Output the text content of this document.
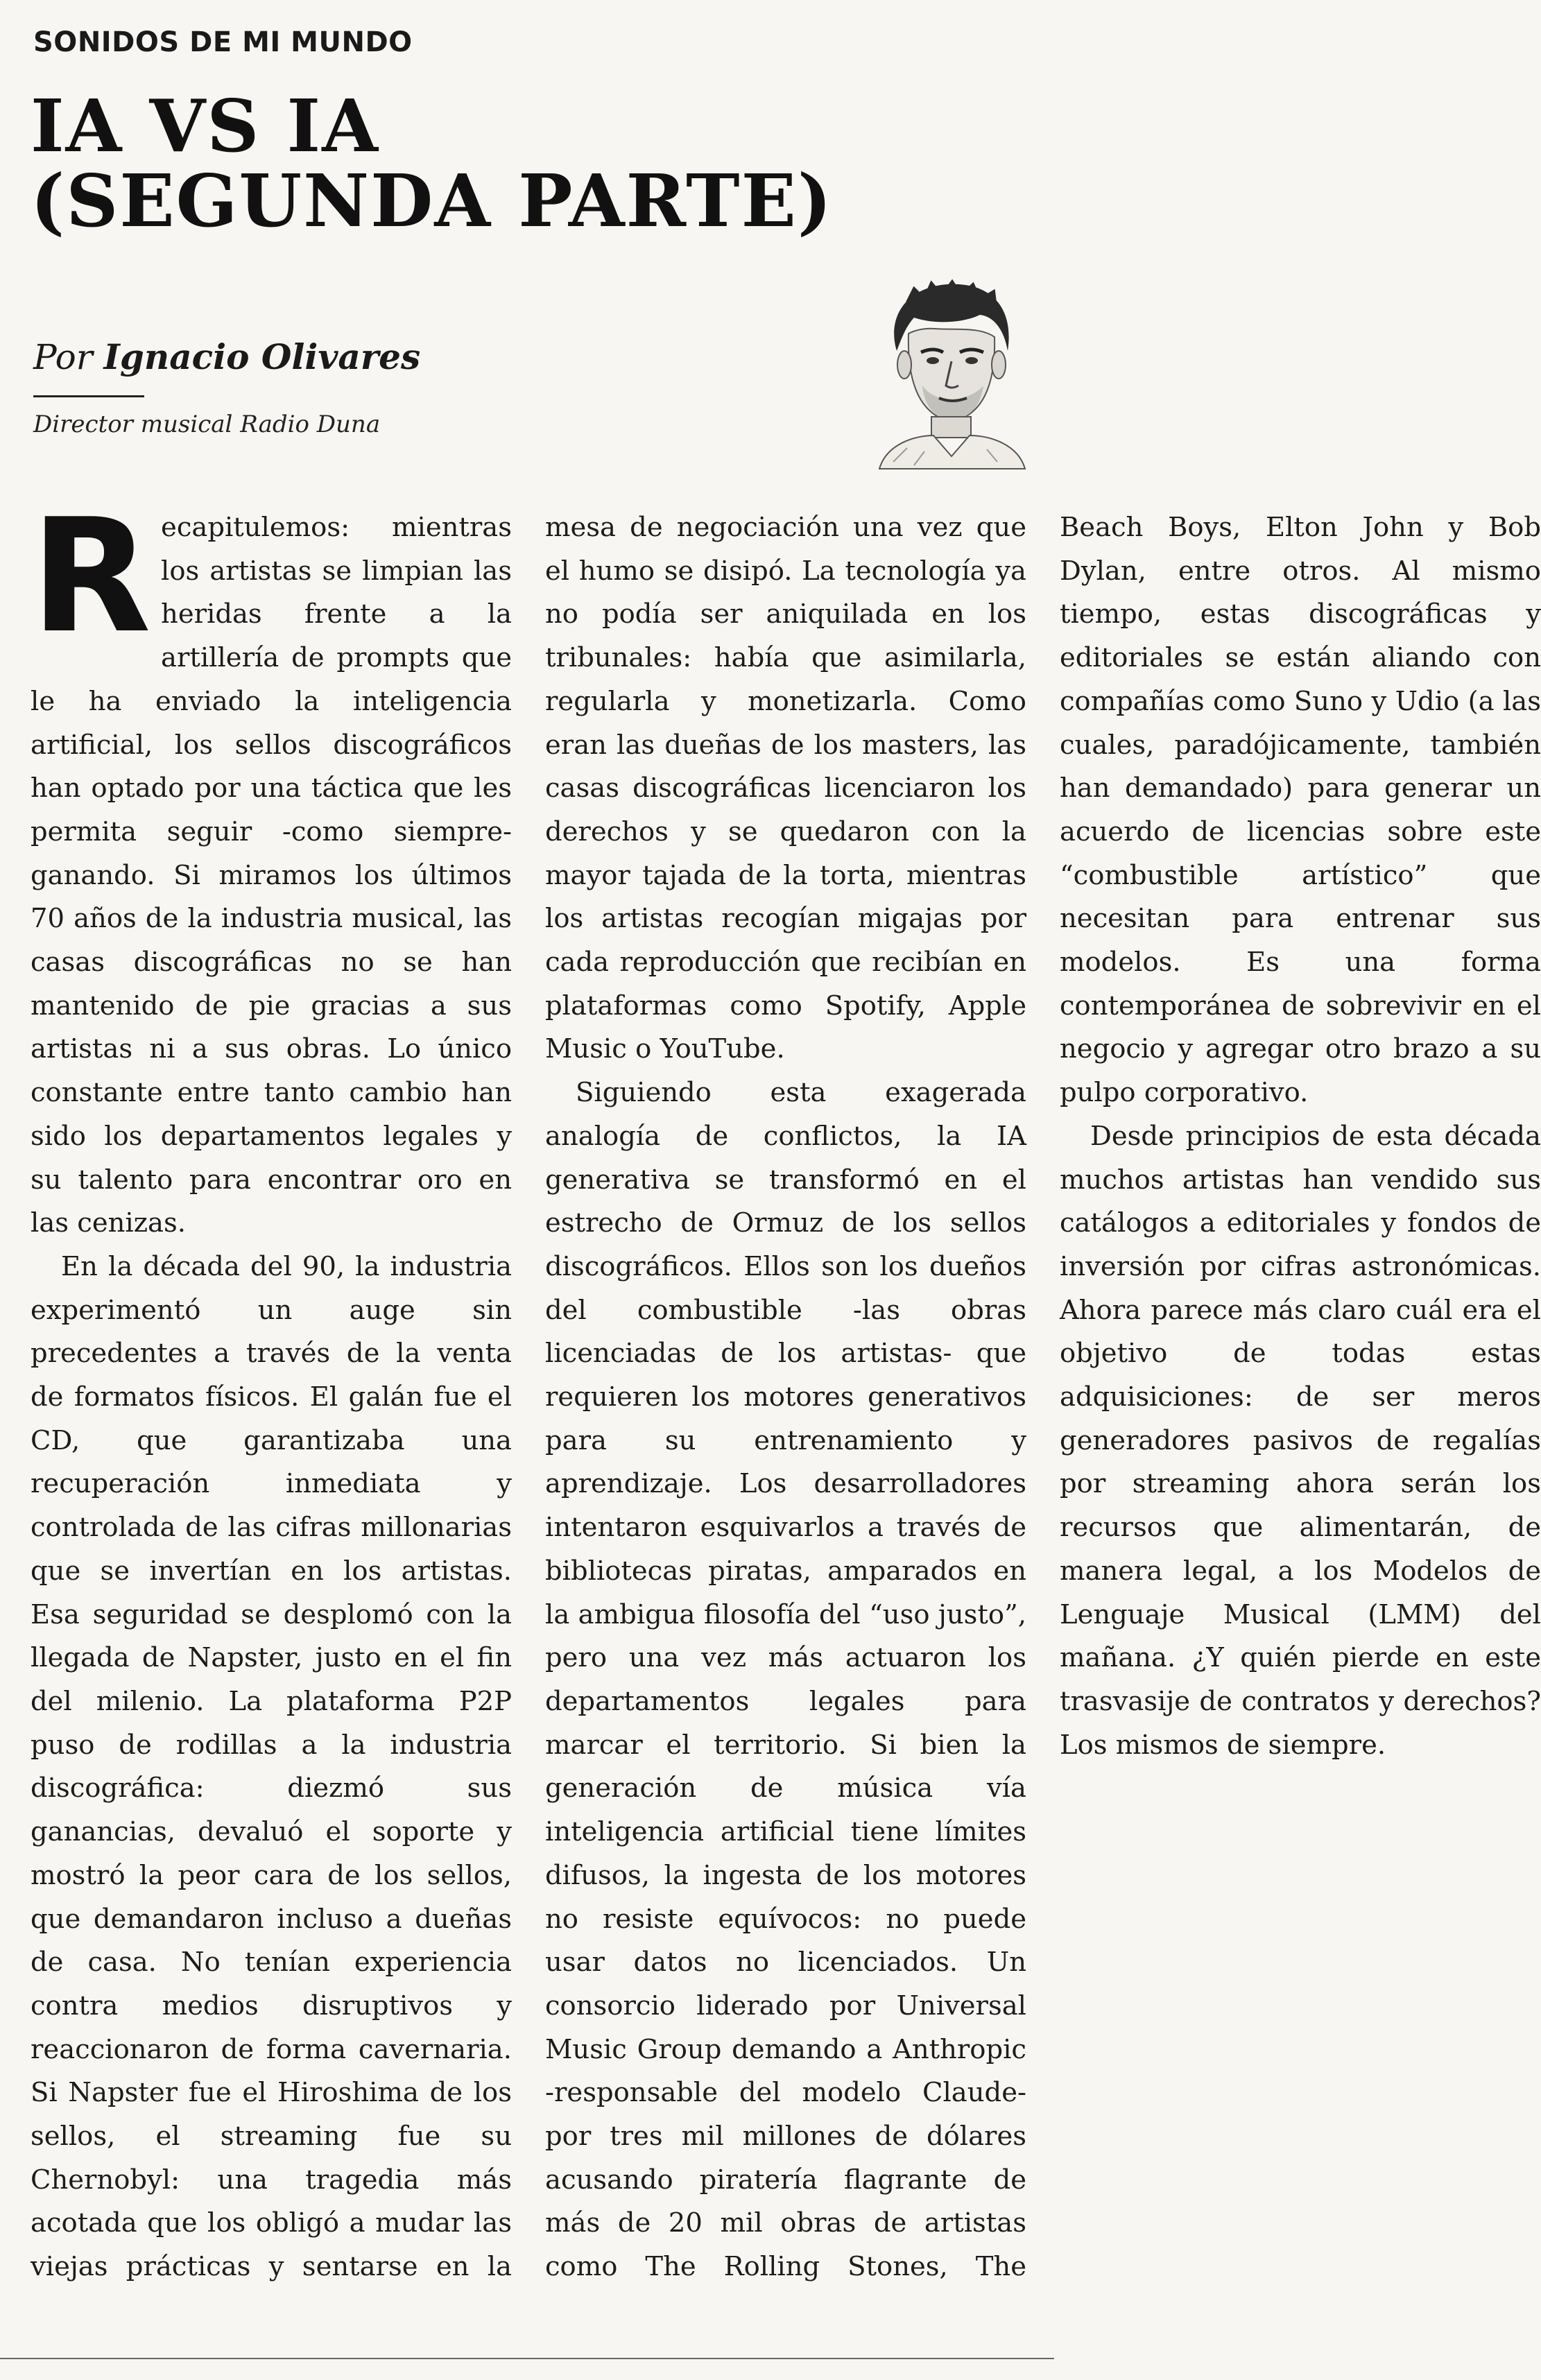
SONIDOS DE MI MUNDO
IA VS IA
(SEGUNDA PARTE)

Por Ignacio Olivares

Director musical Radio Duna

Recapitulemos: mientras los artistas se limpian las heridas frente a la artillería de prompts que le ha enviado la inteligencia artificial, los sellos discográficos han optado por una táctica que les permita seguir -como siempre- ganando. Si miramos los últimos 70 años de la industria musical, las casas discográficas no se han mantenido de pie gracias a sus artistas ni a sus obras. Lo único constante entre tanto cambio han sido los departamentos legales y su talento para encontrar oro en las cenizas.

En la década del 90, la industria experimentó un auge sin precedentes a través de la venta de formatos físicos. El galán fue el CD, que garantizaba una recuperación inmediata y controlada de las cifras millonarias que se invertían en los artistas. Esa seguridad se desplomó con la llegada de Napster, justo en el fin del milenio. La plataforma P2P puso de rodillas a la industria discográfica: diezmó sus ganancias, devaluó el soporte y mostró la peor cara de los sellos, que demandaron incluso a dueñas de casa. No tenían experiencia contra medios disruptivos y reaccionaron de forma cavernaria. Si Napster fue el Hiroshima de los sellos, el streaming fue su Chernobyl: una tragedia más acotada que los obligó a mudar las viejas prácticas y sentarse en la mesa de negociación una vez que el humo se disipó. La tecnología ya no podía ser aniquilada en los tribunales: había que asimilarla, regularla y monetizarla. Como eran las dueñas de los masters, las casas discográficas licenciaron los derechos y se quedaron con la mayor tajada de la torta, mientras los artistas recogían migajas por cada reproducción que recibían en plataformas como Spotify, Apple Music o YouTube.

Siguiendo esta exagerada analogía de conflictos, la IA generativa se transformó en el estrecho de Ormuz de los sellos discográficos. Ellos son los dueños del combustible -las obras licenciadas de los artistas- que requieren los motores generativos para su entrenamiento y aprendizaje. Los desarrolladores intentaron esquivarlos a través de bibliotecas piratas, amparados en la ambigua filosofía del “uso justo”, pero una vez más actuaron los departamentos legales para marcar el territorio. Si bien la generación de música vía inteligencia artificial tiene límites difusos, la ingesta de los motores no resiste equívocos: no puede usar datos no licenciados. Un consorcio liderado por Universal Music Group demando a Anthropic -responsable del modelo Claude- por tres mil millones de dólares acusando piratería flagrante de más de 20 mil obras de artistas como The Rolling Stones, The Beach Boys, Elton John y Bob Dylan, entre otros. Al mismo tiempo, estas discográficas y editoriales se están aliando con compañías como Suno y Udio (a las cuales, paradójicamente, también han demandado) para generar un acuerdo de licencias sobre este “combustible artístico” que necesitan para entrenar sus modelos. Es una forma contemporánea de sobrevivir en el negocio y agregar otro brazo a su pulpo corporativo.

Desde principios de esta década muchos artistas han vendido sus catálogos a editoriales y fondos de inversión por cifras astronómicas. Ahora parece más claro cuál era el objetivo de todas estas adquisiciones: de ser meros generadores pasivos de regalías por streaming ahora serán los recursos que alimentarán, de manera legal, a los Modelos de Lenguaje Musical (LMM) del mañana. ¿Y quién pierde en este trasvasije de contratos y derechos? Los mismos de siempre.
